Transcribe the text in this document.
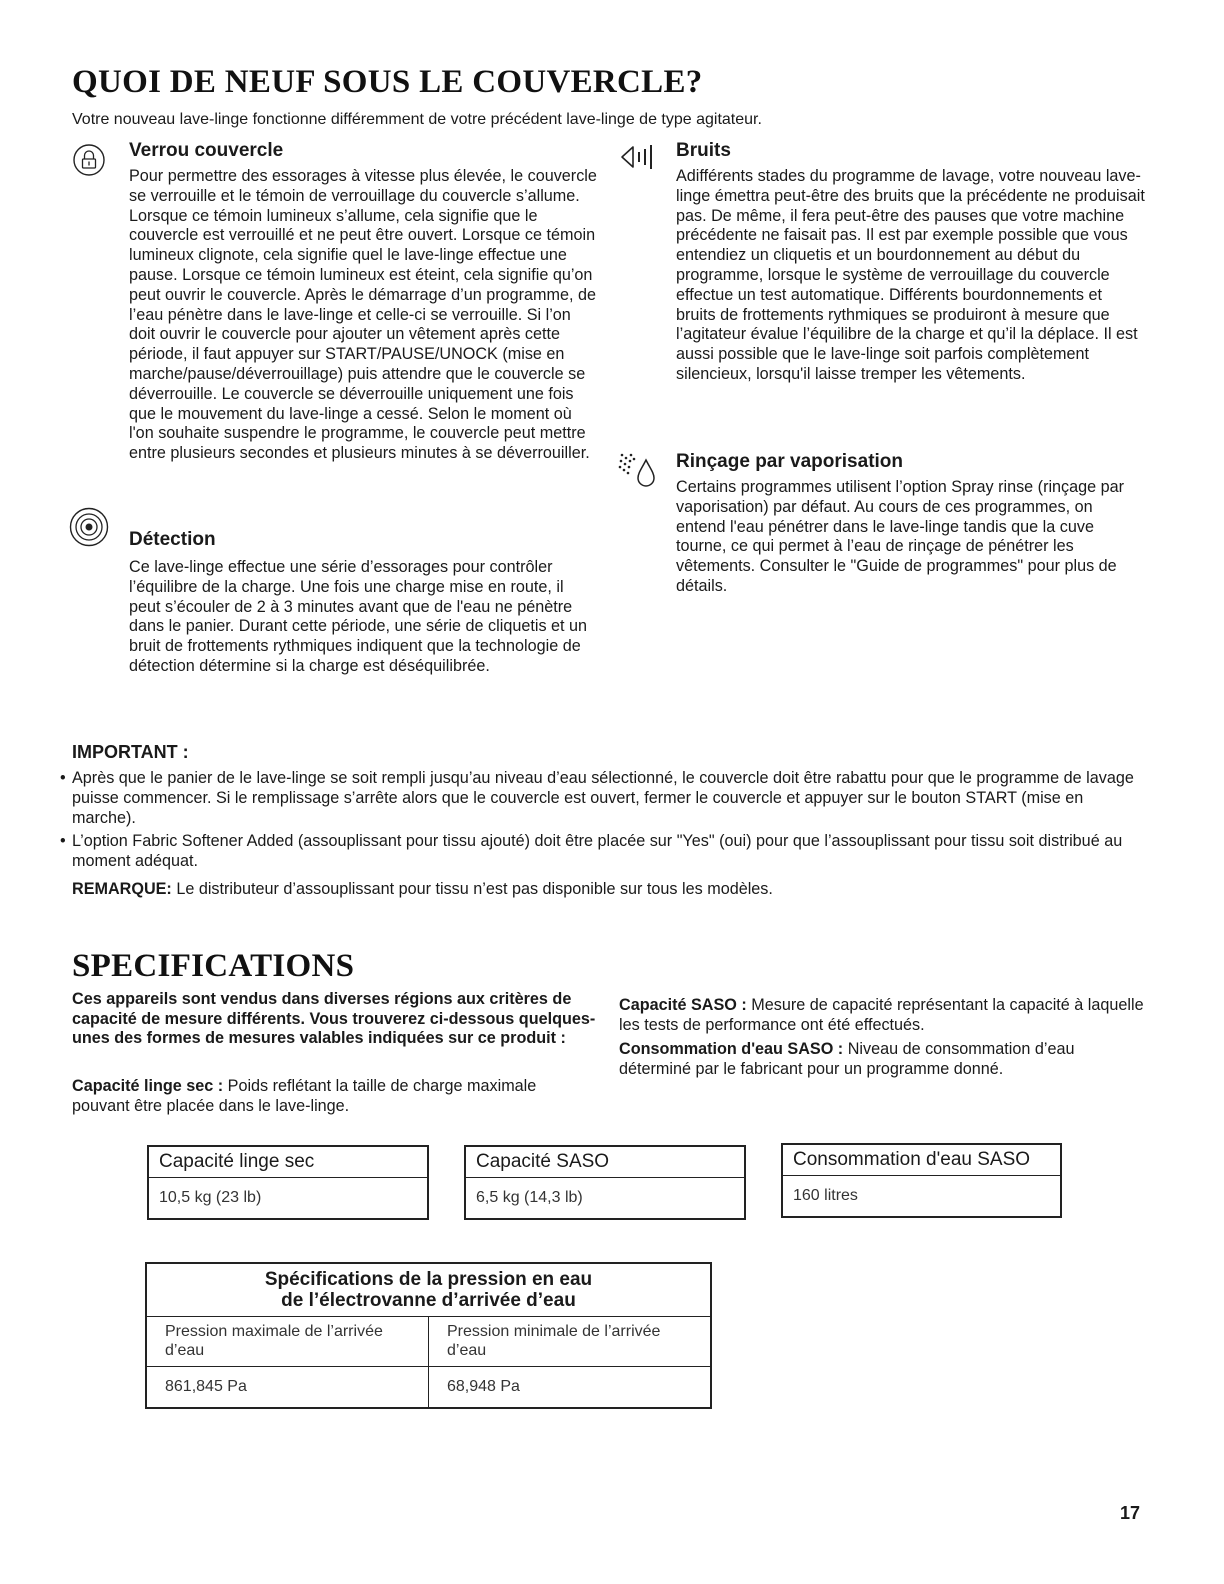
QUOI DE NEUF SOUS LE COUVERCLE?
Votre nouveau lave-linge fonctionne différemment de votre précédent lave-linge de type agitateur.
Verrou couvercle
Pour permettre des essorages à vitesse plus élevée, le couvercle se verrouille et le témoin de verrouillage du couvercle s’allume. Lorsque ce témoin lumineux s’allume, cela signifie que le couvercle est verrouillé et ne peut être ouvert. Lorsque ce témoin lumineux clignote, cela signifie quel le lave-linge effectue une pause. Lorsque ce témoin lumineux est éteint, cela signifie qu’on peut ouvrir le couvercle. Après le démarrage d’un programme, de l’eau pénètre dans le lave-linge et celle-ci se verrouille. Si l’on doit ouvrir le couvercle pour ajouter un vêtement après cette période, il faut appuyer sur START/PAUSE/UNOCK (mise en marche/pause/déverrouillage) puis attendre que le couvercle se déverrouille. Le couvercle se déverrouille uniquement une fois que le mouvement du lave-linge a cessé. Selon le moment où l'on souhaite suspendre le programme, le couvercle peut mettre entre plusieurs secondes et plusieurs minutes à se déverrouiller.
Détection
Ce lave-linge effectue une série d’essorages pour contrôler l’équilibre de la charge. Une fois une charge mise en route, il peut s’écouler de 2 à 3 minutes avant que de l'eau ne pénètre dans le panier. Durant cette période, une série de cliquetis et un bruit de frottements rythmiques indiquent que la technologie de détection détermine si la charge est déséquilibrée.
Bruits
Adifférents stades du programme de lavage, votre nouveau lave-linge émettra peut-être des bruits que la précédente ne produisait pas. De même, il fera peut-être des pauses que votre machine précédente ne faisait pas. Il est par exemple possible que vous entendiez un cliquetis et un bourdonnement au début du programme, lorsque le système de verrouillage du couvercle effectue un test automatique. Différents bourdonnements et bruits de frottements rythmiques se produiront à mesure que l’agitateur évalue l’équilibre de la charge et qu’il la déplace. Il est aussi possible que le lave-linge soit parfois complètement silencieux, lorsqu'il laisse tremper les vêtements.
Rinçage par vaporisation
Certains programmes utilisent l’option Spray rinse (rinçage par vaporisation) par défaut. Au cours de ces programmes, on entend l'eau pénétrer dans le lave-linge tandis que la cuve tourne, ce qui permet à l’eau de rinçage de pénétrer les vêtements. Consulter le "Guide de programmes" pour plus de détails.
IMPORTANT :
• Après que le panier de le lave-linge se soit rempli jusqu’au niveau d’eau sélectionné, le couvercle doit être rabattu pour que le programme de lavage puisse commencer. Si le remplissage s’arrête alors que le couvercle est ouvert, fermer le couvercle et appuyer sur le bouton START (mise en marche).
• L’option Fabric Softener Added (assouplissant pour tissu ajouté) doit être placée sur "Yes" (oui) pour que l’assouplissant pour tissu soit distribué au moment adéquat.
REMARQUE: Le distributeur d’assouplissant pour tissu n’est pas disponible sur tous les modèles.
SPECIFICATIONS
Ces appareils sont vendus dans diverses régions aux critères de capacité de mesure différents. Vous trouverez ci-dessous quelques-unes des formes de mesures valables indiquées sur ce produit :
Capacité linge sec : Poids reflétant la taille de charge maximale pouvant être placée dans le lave-linge.
Capacité SASO : Mesure de capacité représentant la capacité à laquelle les tests de performance ont été effectués.
Consommation d'eau SASO : Niveau de consommation d’eau déterminé par le fabricant pour un programme donné.
Capacité linge sec
10,5 kg (23 lb)
Capacité SASO
6,5 kg (14,3 lb)
Consommation d'eau SASO
160 litres
Spécifications de la pression en eau
de l’électrovanne d’arrivée d’eau	

Pression maximale de l’arrivée d’eau	Pression minimale de l’arrivée d’eau
861,845 Pa	68,948 Pa
17
